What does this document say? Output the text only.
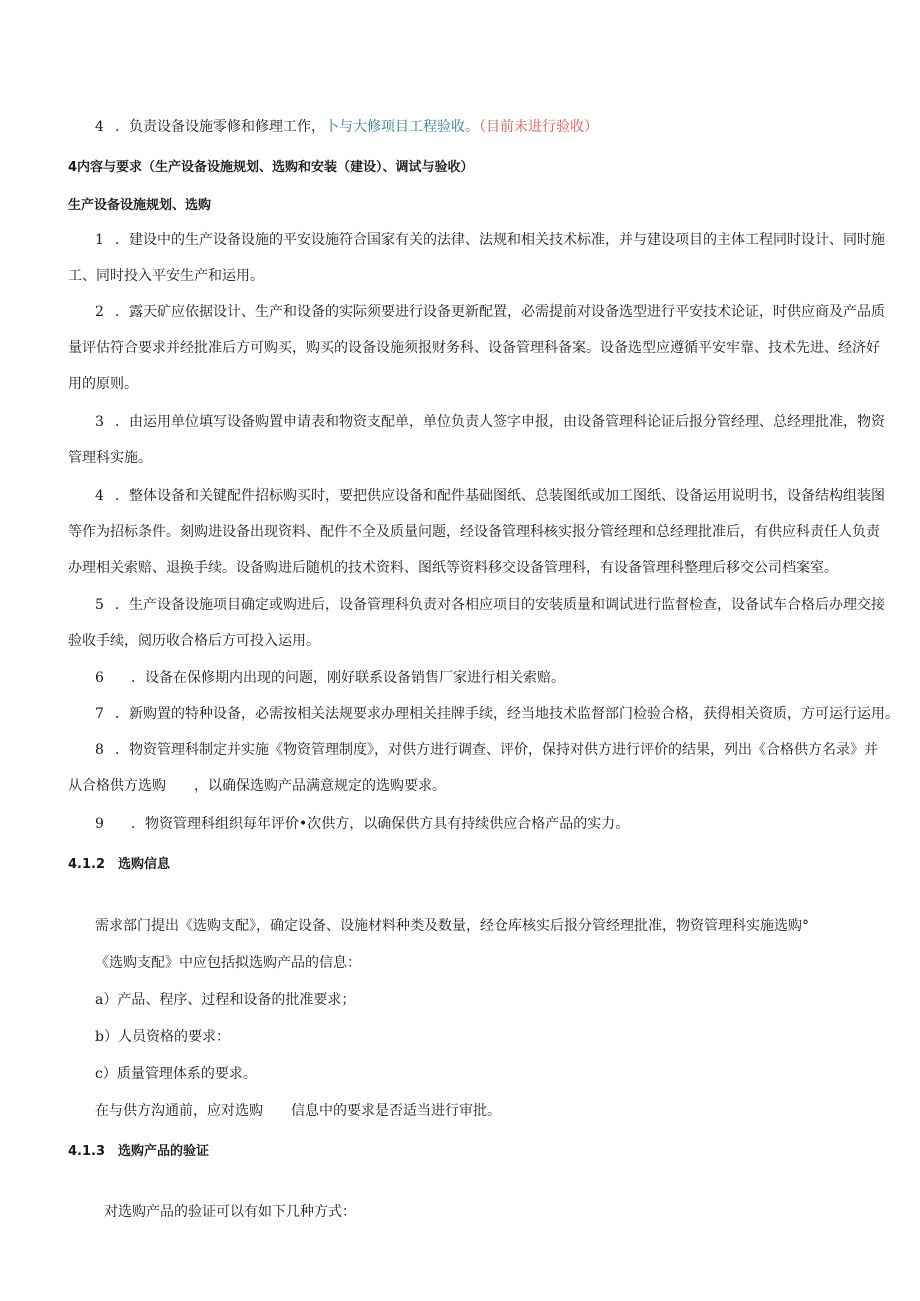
4 ．负责设备设施零修和修理工作，卜与大修项目工程验收。（目前未进行验收）

4内容与要求（生产设备设施规划、选购和安装（建设）、调试与验收）

生产设备设施规划、选购

1 ．建设中的生产设备设施的平安设施符合国家有关的法律、法规和相关技术标准，并与建设项目的主体工程同时设计、同时施

工、同时投入平安生产和运用。

2 ．露天矿应依据设计、生产和设备的实际须要进行设备更新配置，必需提前对设备选型进行平安技术论证，时供应商及产品质

量评估符合要求并经批准后方可购买，购买的设备设施须报财务科、设备管理科备案。设备选型应遵循平安牢靠、技术先进、经济好

用的原则。

3 ．由运用单位填写设备购置申请表和物资支配单，单位负责人签字申报，由设备管理科论证后报分管经理、总经理批准，物资

管理科实施。

4 ．整体设备和关键配件招标购买时，要把供应设备和配件基础图纸、总装图纸或加工图纸、设备运用说明书，设备结构组装图

等作为招标条件。刻购进设备出现资料、配件不全及质量问题，经设备管理科核实报分管经理和总经理批准后，有供应科责任人负责

办理相关索赔、退换手续。设备购进后随机的技术资料、图纸等资料移交设备管理科，有设备管理科整理后移交公司档案室。

5 ．生产设备设施项目确定或购进后，设备管理科负责对各相应项目的安装质量和调试进行监督检查，设备试车合格后办理交接

验收手续，阅历收合格后方可投入运用。

6 ．设备在保修期内出现的问题，刚好联系设备销售厂家进行相关索赔。

7 ．新购置的特种设备，必需按相关法规要求办理相关挂牌手续，经当地技术监督部门检验合格，获得相关资质，方可运行运用。

8 ．物资管理科制定并实施《物资管理制度》，对供方进行调查、评价，保持对供方进行评价的结果，列出《合格供方名录》并

从合格供方选购　　，以确保选购产品满意规定的选购要求。

9 ．物资管理科组织每年评价•次供方，以确保供方具有持续供应合格产品的实力。

4.1.2　选购信息

需求部门提出《选购支配》，确定设备、设施材料种类及数量，经仓库核实后报分管经理批准，物资管理科实施选购°

《选购支配》中应包括拟选购产品的信息：

a）产品、程序、过程和设备的批准要求；

b）人员资格的要求：

c）质量管理体系的要求。

在与供方沟通前，应对选购　　信息中的要求是否适当进行审批。

4.1.3　选购产品的验证

对选购产品的验证可以有如下几种方式：
